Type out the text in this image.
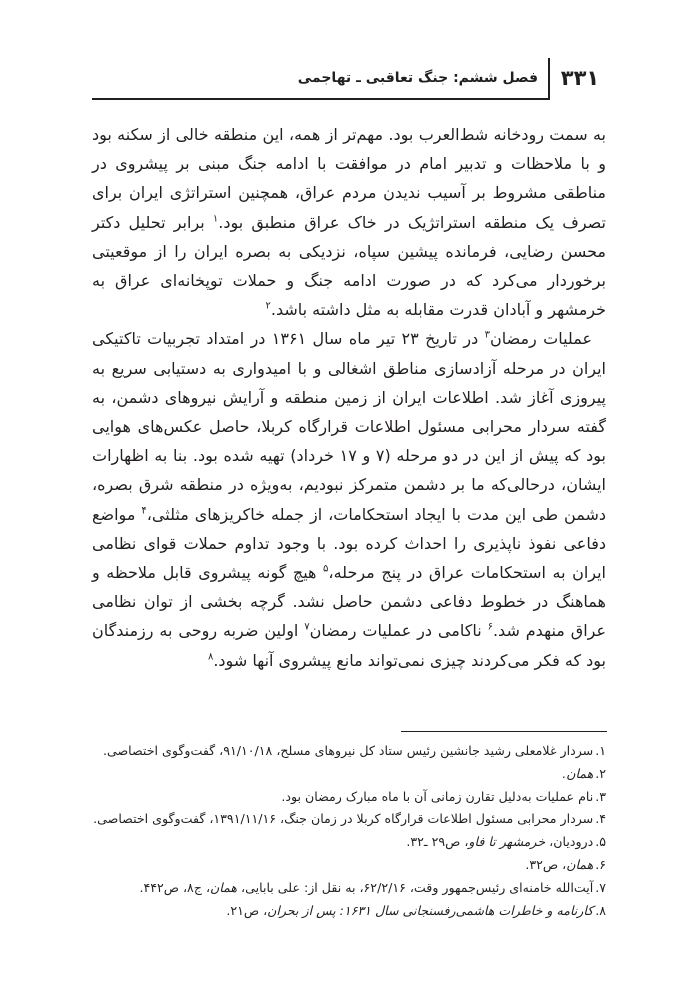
۳۳۱
فصل ششم: جنگ تعاقبی ـ تهاجمی

به سمت رودخانه شط‌العرب بود. مهم‌تر از همه، این منطقه خالی از سکنه بود و با ملاحظات و تدبیر امام در موافقت با ادامه جنگ مبنی بر پیشروی در مناطقی مشروط بر آسیب ندیدن مردم عراق، همچنین استراتژی ایران برای تصرف یک منطقه استراتژیک در خاک عراق منطبق بود.$^۱$ برابر تحلیل دکتر محسن رضایی، فرمانده پیشین سپاه، نزدیکی به بصره ایران را از موقعیتی برخوردار می‌کرد که در صورت ادامه جنگ و حملات توپخانه‌ای عراق به خرمشهر و آبادان قدرت مقابله به مثل داشته باشد.$^۲$

عملیات رمضان$^۳$ در تاریخ ۲۳ تیر ماه سال ۱۳۶۱ در امتداد تجربیات تاکتیکی ایران در مرحله آزادسازی مناطق اشغالی و با امیدواری به دستیابی سریع به پیروزی آغاز شد. اطلاعات ایران از زمین منطقه و آرایش نیروهای دشمن، به گفته سردار محرابی مسئول اطلاعات قرارگاه کربلا، حاصل عکس‌های هوایی بود که پیش از این در دو مرحله (۷ و ۱۷ خرداد) تهیه شده بود. بنا به اظهارات ایشان، درحالی‌که ما بر دشمن متمرکز نبودیم، به‌ویژه در منطقه شرق بصره، دشمن طی این مدت با ایجاد استحکامات، از جمله خاکریزهای مثلثی،$^۴$ مواضع دفاعی نفوذ ناپذیری را احداث کرده بود. با وجود تداوم حملات قوای نظامی ایران به استحکامات عراق در پنج مرحله،$^۵$ هیچ گونه پیشروی قابل ملاحظه و هماهنگ در خطوط دفاعی دشمن حاصل نشد. گرچه بخشی از توان نظامی عراق منهدم شد.$^۶$ ناکامی در عملیات رمضان$^۷$ اولین ضربه روحی به رزمندگان بود که فکر می‌کردند چیزی نمی‌تواند مانع پیشروی آنها شود.$^۸$

۱.سردار غلامعلی رشید جانشین رئیس ستاد کل نیروهای مسلح، ۹۱/۱۰/۱۸، گفت‌وگوی اختصاصی.

۲.همان.

۳.نام عملیات به‌دلیل تقارن زمانی آن با ماه مبارک رمضان بود.

۴.سردار محرابی مسئول اطلاعات قرارگاه کربلا در زمان جنگ، ۱۳۹۱/۱۱/۱۶، گفت‌وگوی اختصاصی.

۵.درودیان، خرمشهر تا فاو، ص۲۹ ـ۳۲.

۶.همان، ص۳۲.

۷.آیت‌الله خامنه‌ای رئیس‌جمهور وقت، ۶۲/۲/۱۶، به نقل از: علی بابایی، همان، ج۸، ص۴۴۲.

۸.کارنامه و خاطرات هاشمی‌رفسنجانی سال ۱۶۳۱: پس از بحران، ص۲۱.
